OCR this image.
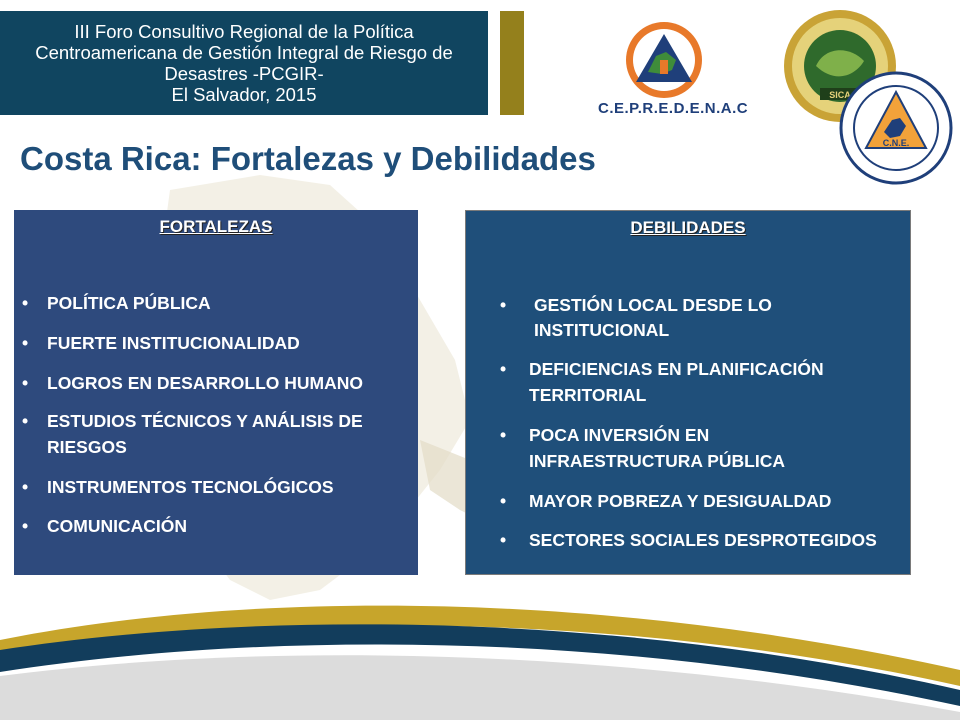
III Foro Consultivo Regional de la Política
Centroamericana de Gestión Integral de Riesgo de
Desastres -PCGIR-
El Salvador, 2015
C.E.P.R.E.D.E.N.A.C
SICA
C.N.E.
Costa Rica: Fortalezas y Debilidades
FORTALEZAS
• POLÍTICA PÚBLICA
• FUERTE INSTITUCIONALIDAD
• LOGROS EN DESARROLLO HUMANO
• ESTUDIOS TÉCNICOS Y ANÁLISIS DE
RIESGOS
• INSTRUMENTOS TECNOLÓGICOS
• COMUNICACIÓN
DEBILIDADES
• GESTIÓN LOCAL DESDE LO
INSTITUCIONAL
• DEFICIENCIAS EN PLANIFICACIÓN
TERRITORIAL
• POCA INVERSIÓN EN
INFRAESTRUCTURA PÚBLICA
• MAYOR POBREZA Y DESIGUALDAD
• SECTORES SOCIALES DESPROTEGIDOS
